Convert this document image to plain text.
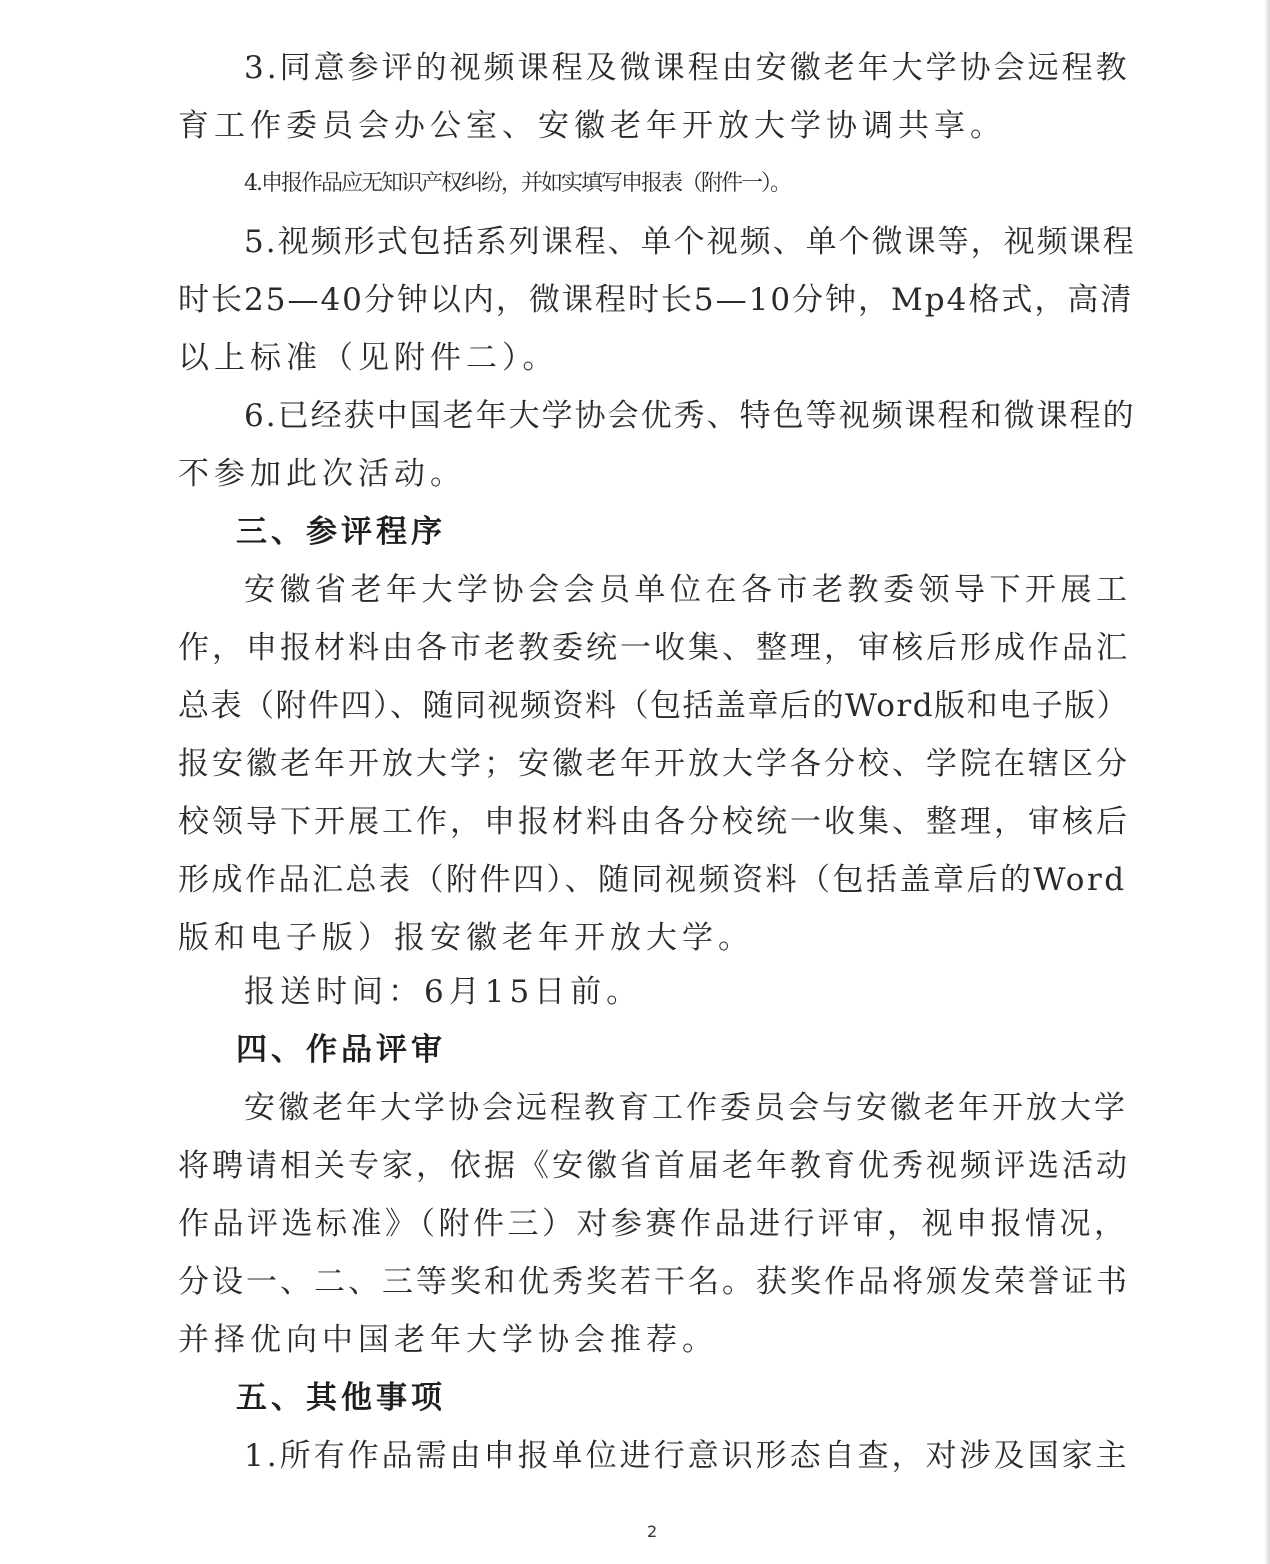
3.同意参评的视频课程及微课程由安徽老年大学协会远程教
育工作委员会办公室、安徽老年开放大学协调共享。
4.申报作品应无知识产权纠纷，并如实填写申报表（附件一）。
5.视频形式包括系列课程、单个视频、单个微课等，视频课程
时长25—40分钟以内，微课程时长5—10分钟，Mp4格式，高清
以上标准（见附件二）。
6.已经获中国老年大学协会优秀、特色等视频课程和微课程的
不参加此次活动。
三、参评程序
安徽省老年大学协会会员单位在各市老教委领导下开展工
作，申报材料由各市老教委统一收集、整理，审核后形成作品汇
总表（附件四）、随同视频资料（包括盖章后的Word版和电子版）
报安徽老年开放大学；安徽老年开放大学各分校、学院在辖区分
校领导下开展工作，申报材料由各分校统一收集、整理，审核后
形成作品汇总表（附件四）、随同视频资料（包括盖章后的Word
版和电子版）报安徽老年开放大学。
报送时间：6月15日前。
四、作品评审
安徽老年大学协会远程教育工作委员会与安徽老年开放大学
将聘请相关专家，依据《安徽省首届老年教育优秀视频评选活动
作品评选标准》（附件三）对参赛作品进行评审，视申报情况，
分设一、二、三等奖和优秀奖若干名。获奖作品将颁发荣誉证书
并择优向中国老年大学协会推荐。
五、其他事项
1.所有作品需由申报单位进行意识形态自查，对涉及国家主
2
